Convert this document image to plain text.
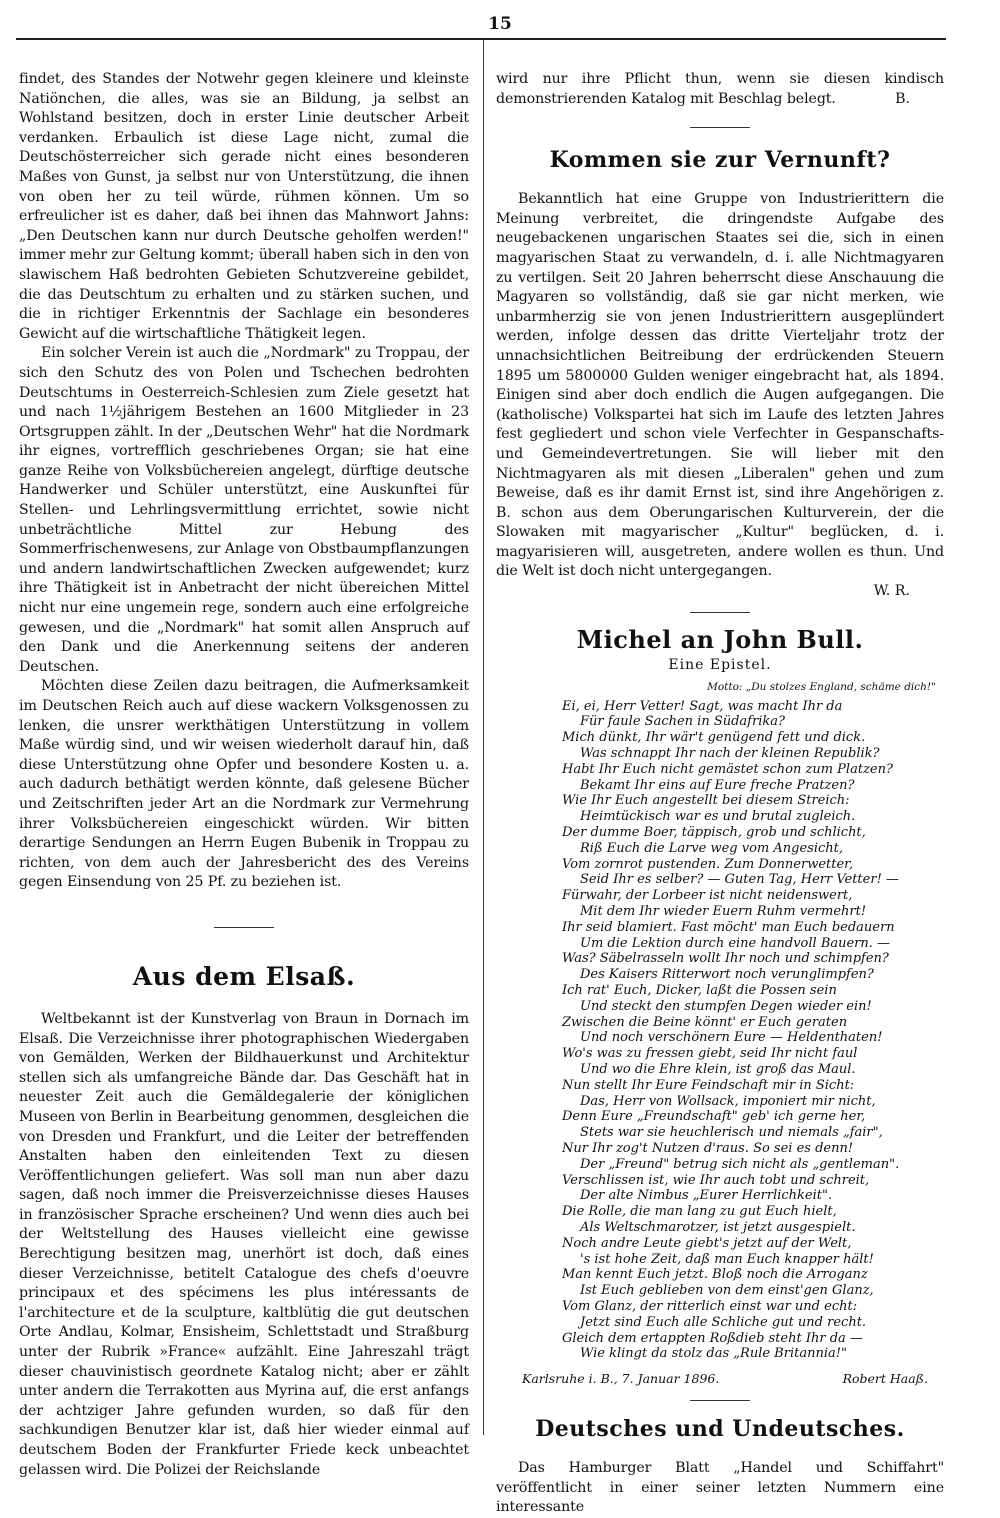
15

findet, des Standes der Notwehr gegen kleinere und kleinste Natiönchen, die alles, was sie an Bildung, ja selbst an Wohlstand besitzen, doch in erster Linie deutscher Arbeit verdanken. Erbaulich ist diese Lage nicht, zumal die Deutschösterreicher sich gerade nicht eines besonderen Maßes von Gunst, ja selbst nur von Unterstützung, die ihnen von oben her zu teil würde, rühmen können. Um so erfreulicher ist es daher, daß bei ihnen das Mahnwort Jahns: „Den Deutschen kann nur durch Deutsche geholfen werden!" immer mehr zur Geltung kommt; überall haben sich in den von slawischem Haß bedrohten Gebieten Schutzvereine gebildet, die das Deutschtum zu erhalten und zu stärken suchen, und die in richtiger Erkenntnis der Sachlage ein besonderes Gewicht auf die wirtschaftliche Thätigkeit legen.

Ein solcher Verein ist auch die „Nordmark" zu Troppau, der sich den Schutz des von Polen und Tschechen bedrohten Deutschtums in Oesterreich-Schlesien zum Ziele gesetzt hat und nach 1½jährigem Bestehen an 1600 Mitglieder in 23 Ortsgruppen zählt. In der „Deutschen Wehr" hat die Nordmark ihr eignes, vortrefflich geschriebenes Organ; sie hat eine ganze Reihe von Volksbüchereien angelegt, dürftige deutsche Handwerker und Schüler unterstützt, eine Auskunftei für Stellen- und Lehrlingsvermittlung errichtet, sowie nicht unbeträchtliche Mittel zur Hebung des Sommerfrischenwesens, zur Anlage von Obstbaumpflanzungen und andern landwirtschaftlichen Zwecken aufgewendet; kurz ihre Thätigkeit ist in Anbetracht der nicht übereichen Mittel nicht nur eine ungemein rege, sondern auch eine erfolgreiche gewesen, und die „Nordmark" hat somit allen Anspruch auf den Dank und die Anerkennung seitens der anderen Deutschen.

Möchten diese Zeilen dazu beitragen, die Aufmerksamkeit im Deutschen Reich auch auf diese wackern Volksgenossen zu lenken, die unsrer werkthätigen Unterstützung in vollem Maße würdig sind, und wir weisen wiederholt darauf hin, daß diese Unterstützung ohne Opfer und besondere Kosten u. a. auch dadurch bethätigt werden könnte, daß gelesene Bücher und Zeitschriften jeder Art an die Nordmark zur Vermehrung ihrer Volksbüchereien eingeschickt würden. Wir bitten derartige Sendungen an Herrn Eugen Bubenik in Troppau zu richten, von dem auch der Jahresbericht des des Vereins gegen Einsendung von 25 Pf. zu beziehen ist.

Aus dem Elsaß.

Weltbekannt ist der Kunstverlag von Braun in Dornach im Elsaß. Die Verzeichnisse ihrer photographischen Wiedergaben von Gemälden, Werken der Bildhauerkunst und Architektur stellen sich als umfangreiche Bände dar. Das Geschäft hat in neuester Zeit auch die Gemäldegalerie der königlichen Museen von Berlin in Bearbeitung genommen, desgleichen die von Dresden und Frankfurt, und die Leiter der betreffenden Anstalten haben den einleitenden Text zu diesen Veröffentlichungen geliefert. Was soll man nun aber dazu sagen, daß noch immer die Preisverzeichnisse dieses Hauses in französischer Sprache erscheinen? Und wenn dies auch bei der Weltstellung des Hauses vielleicht eine gewisse Berechtigung besitzen mag, unerhört ist doch, daß eines dieser Verzeichnisse, betitelt Catalogue des chefs d'oeuvre principaux et des spécimens les plus intéressants de l'architecture et de la sculpture, kaltblütig die gut deutschen Orte Andlau, Kolmar, Ensisheim, Schlettstadt und Straßburg unter der Rubrik »France« aufzählt. Eine Jahreszahl trägt dieser chauvinistisch geordnete Katalog nicht; aber er zählt unter andern die Terrakotten aus Myrina auf, die erst anfangs der achtziger Jahre gefunden wurden, so daß für den sachkundigen Benutzer klar ist, daß hier wieder einmal auf deutschem Boden der Frankfurter Friede keck unbeachtet gelassen wird. Die Polizei der Reichslande

wird nur ihre Pflicht thun, wenn sie diesen kindisch demonstrierenden Katalog mit Beschlag belegt.	B.

Kommen sie zur Vernunft?

Bekanntlich hat eine Gruppe von Industrierittern die Meinung verbreitet, die dringendste Aufgabe des neugebackenen ungarischen Staates sei die, sich in einen magyarischen Staat zu verwandeln, d. i. alle Nichtmagyaren zu vertilgen. Seit 20 Jahren beherrscht diese Anschauung die Magyaren so vollständig, daß sie gar nicht merken, wie unbarmherzig sie von jenen Industrierittern ausgeplündert werden, infolge dessen das dritte Vierteljahr trotz der unnachsichtlichen Beitreibung der erdrückenden Steuern 1895 um 5800000 Gulden weniger eingebracht hat, als 1894. Einigen sind aber doch endlich die Augen aufgegangen. Die (katholische) Volkspartei hat sich im Laufe des letzten Jahres fest gegliedert und schon viele Verfechter in Gespanschafts- und Gemeindevertretungen. Sie will lieber mit den Nichtmagyaren als mit diesen „Liberalen" gehen und zum Beweise, daß es ihr damit Ernst ist, sind ihre Angehörigen z. B. schon aus dem Oberungarischen Kulturverein, der die Slowaken mit magyarischer „Kultur" beglücken, d. i. magyarisieren will, ausgetreten, andere wollen es thun. Und die Welt ist doch nicht untergegangen.

W. R.

Michel an John Bull.

Eine Epistel.

Motto: „Du stolzes England, schäme dich!"

Ei, ei, Herr Vetter! Sagt, was macht Ihr da

Für faule Sachen in Südafrika?

Mich dünkt, Ihr wär't genügend fett und dick.

Was schnappt Ihr nach der kleinen Republik?

Habt Ihr Euch nicht gemästet schon zum Platzen?

Bekamt Ihr eins auf Eure freche Pratzen?

Wie Ihr Euch angestellt bei diesem Streich:

Heimtückisch war es und brutal zugleich.

Der dumme Boer, täppisch, grob und schlicht,

Riß Euch die Larve weg vom Angesicht,

Vom zornrot pustenden. Zum Donnerwetter,

Seid Ihr es selber? — Guten Tag, Herr Vetter! —

Fürwahr, der Lorbeer ist nicht neidenswert,

Mit dem Ihr wieder Euern Ruhm vermehrt!

Ihr seid blamiert. Fast möcht' man Euch bedauern

Um die Lektion durch eine handvoll Bauern. —

Was? Säbelrasseln wollt Ihr noch und schimpfen?

Des Kaisers Ritterwort noch verunglimpfen?

Ich rat' Euch, Dicker, laßt die Possen sein

Und steckt den stumpfen Degen wieder ein!

Zwischen die Beine könnt' er Euch geraten

Und noch verschönern Eure — Heldenthaten!

Wo's was zu fressen giebt, seid Ihr nicht faul

Und wo die Ehre klein, ist groß das Maul.

Nun stellt Ihr Eure Feindschaft mir in Sicht:

Das, Herr von Wollsack, imponiert mir nicht,

Denn Eure „Freundschaft" geb' ich gerne her,

Stets war sie heuchlerisch und niemals „fair",

Nur Ihr zog't Nutzen d'raus. So sei es denn!

Der „Freund" betrug sich nicht als „gentleman".

Verschlissen ist, wie Ihr auch tobt und schreit,

Der alte Nimbus „Eurer Herrlichkeit".

Die Rolle, die man lang zu gut Euch hielt,

Als Weltschmarotzer, ist jetzt ausgespielt.

Noch andre Leute giebt's jetzt auf der Welt,

's ist hohe Zeit, daß man Euch knapper hält!

Man kennt Euch jetzt. Bloß noch die Arroganz

Ist Euch geblieben von dem einst'gen Glanz,

Vom Glanz, der ritterlich einst war und echt:

Jetzt sind Euch alle Schliche gut und recht.

Gleich dem ertappten Roßdieb steht Ihr da —

Wie klingt da stolz das „Rule Britannia!"

Karlsruhe i. B., 7. Januar 1896.	Robert Haaß.
Deutsches und Undeutsches.

Das Hamburger Blatt „Handel und Schiffahrt" veröffentlicht in einer seiner letzten Nummern eine interessante
